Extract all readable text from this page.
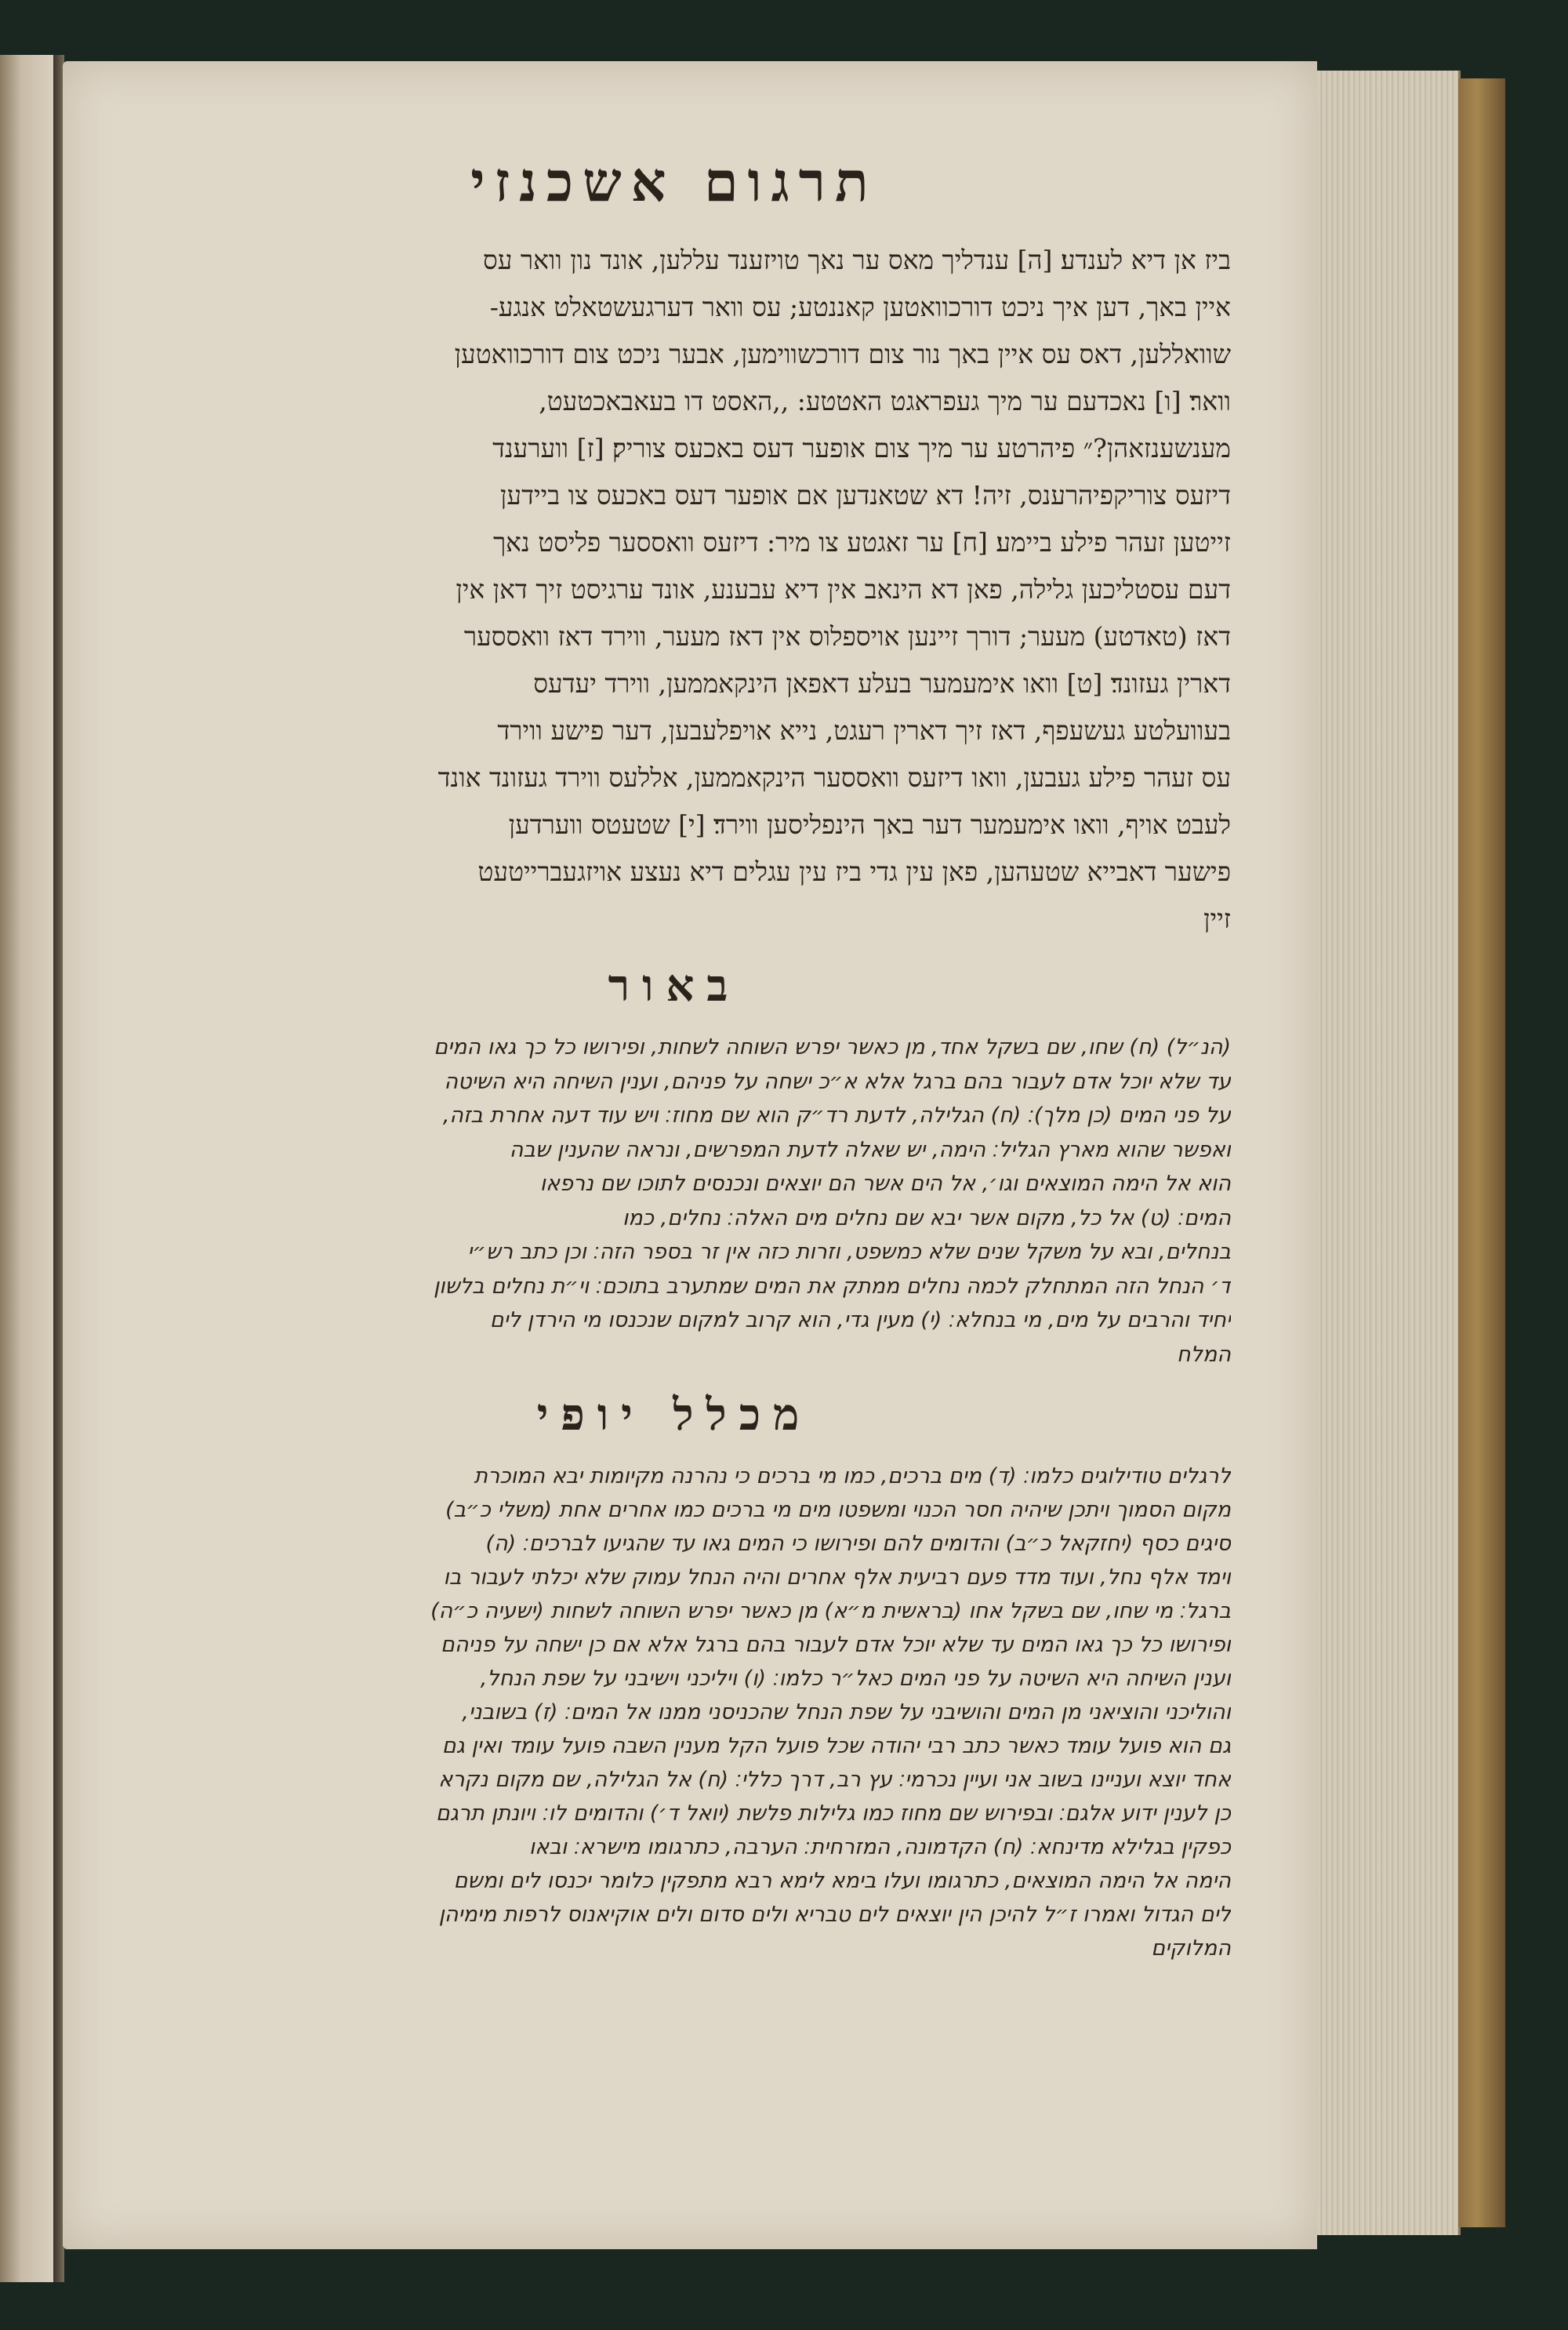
תרגום אשכנזי

ביז אן דיא לענדע׃ [ה] ענדליך מאס ער נאך טויזענד עללען, אונד נון וואר עס

איין באך, דען איך ניכט דורכוואטען קאננטע; עס וואר דערגעשטאלט אנגע-

שוואללען, דאס עס איין באך נור צום דורכשווימען, אבער ניכט צום דורכוואטען

וואר׃ [ו] נאכדעם ער מיך געפראגט האטטע: ,,האסט דו בעאבאכטעט,

מענשענזאהן?״ פיהרטע ער מיך צום אופער דעס באכעס צוריק׃ [ז] ווערענד

דיזעס צוריקפיהרענס, זיה! דא שטאנדען אם אופער דעס באכעס צו ביידען

זייטען זעהר פילע ביימע׃ [ח] ער זאגטע צו מיר: דיזעס וואססער פליסט נאך

דעם עסטליכען גלילה, פאן דא הינאב אין דיא עבענע, אונד ערגיסט זיך דאן אין

דאז (טאדטע) מעער; דורך זיינען אויספלוס אין דאז מעער, ווירד דאז וואססער

דארין געזונד׃ [ט] וואו אימעמער בעלע דאפאן הינקאממען, ווירד יעדעס

בעוועלטע געשעפף, דאז זיך דארין רעגט, נייא אויפלעבען, דער פישע ווירד

עס זעהר פילע געבען, וואו דיזעס וואססער הינקאממען, אללעס ווירד געזונד אונד

לעבט אויף, וואו אימעמער דער באך הינפליסען ווירד׃ [י] שטעטס ווערדען

פישער דאבייא שטעהען, פאן עין גדי ביז עין עגלים דיא נעצע אויזגעברייטעט

זיין

באור

(הנ״ל) (ח) שחו, שם בשקל אחד, מן כאשר יפרש השוחה לשחות, ופירושו כל כך גאו המים

עד שלא יוכל אדם לעבור בהם ברגל אלא א״כ ישחה על פניהם, וענין השיחה היא השיטה

על פני המים (כן מלך)׃ (ח) הגלילה, לדעת רד״ק הוא שם מחוז׃ ויש עוד דעה אחרת בזה,

ואפשר שהוא מארץ הגליל׃ הימה, יש שאלה לדעת המפרשים, ונראה שהענין שבה

הוא אל הימה המוצאים וגו׳, אל הים אשר הם יוצאים ונכנסים לתוכו שם נרפאו

המים׃ (ט) אל כל, מקום אשר יבא שם נחלים מים האלה׃ נחלים, כמו

בנחלים, ובא על משקל שנים שלא כמשפט, וזרות כזה אין זר בספר הזה׃ וכן כתב רש״י

ד׳ הנחל הזה המתחלק לכמה נחלים ממתק את המים שמתערב בתוכם׃ וי״ת נחלים בלשון

יחיד והרבים על מים, מי בנחלא׃ (י) מעין גדי, הוא קרוב למקום שנכנסו מי הירדן לים

המלח

מכלל יופי

לרגלים טודילוגים כלמו׃ (ד) מים ברכים, כמו מי ברכים כי נהרנה מקיומות יבא המוכרת

מקום הסמוך ויתכן שיהיה חסר הכנוי ומשפטו מים מי ברכים כמו אחרים אחת (משלי כ״ב)

סיגים כסף (יחזקאל כ״ב) והדומים להם ופירושו כי המים גאו עד שהגיעו לברכים׃ (ה)

וימד אלף נחל, ועוד מדד פעם רביעית אלף אחרים והיה הנחל עמוק שלא יכלתי לעבור בו

ברגל׃ מי שחו, שם בשקל אחו (בראשית מ״א) מן כאשר יפרש השוחה לשחות (ישעיה כ״ה)

ופירושו כל כך גאו המים עד שלא יוכל אדם לעבור בהם ברגל אלא אם כן ישחה על פניהם

וענין השיחה היא השיטה על פני המים כאל״ר כלמו׃ (ו) ויליכני וישיבני על שפת הנחל,

והוליכני והוציאני מן המים והושיבני על שפת הנחל שהכניסני ממנו אל המים׃ (ז) בשובני,

גם הוא פועל עומד כאשר כתב רבי יהודה שכל פועל הקל מענין השבה פועל עומד ואין גם

אחד יוצא ועניינו בשוב אני ועיין נכרמי׃ עץ רב, דרך כללי׃ (ח) אל הגלילה, שם מקום נקרא

כן לענין ידוע אלגם׃ ובפירוש שם מחוז כמו גלילות פלשת (יואל ד׳) והדומים לו׃ ויונתן תרגם

כפקין בגלילא מדינחא׃ (ח) הקדמונה, המזרחית׃ הערבה, כתרגומו מישרא׃ ובאו

הימה אל הימה המוצאים, כתרגומו ועלו בימא לימא רבא מתפקין כלומר יכנסו לים ומשם

לים הגדול ואמרו ז״ל להיכן הין יוצאים לים טבריא ולים סדום ולים אוקיאנוס לרפות מימיהן

המלוקים
